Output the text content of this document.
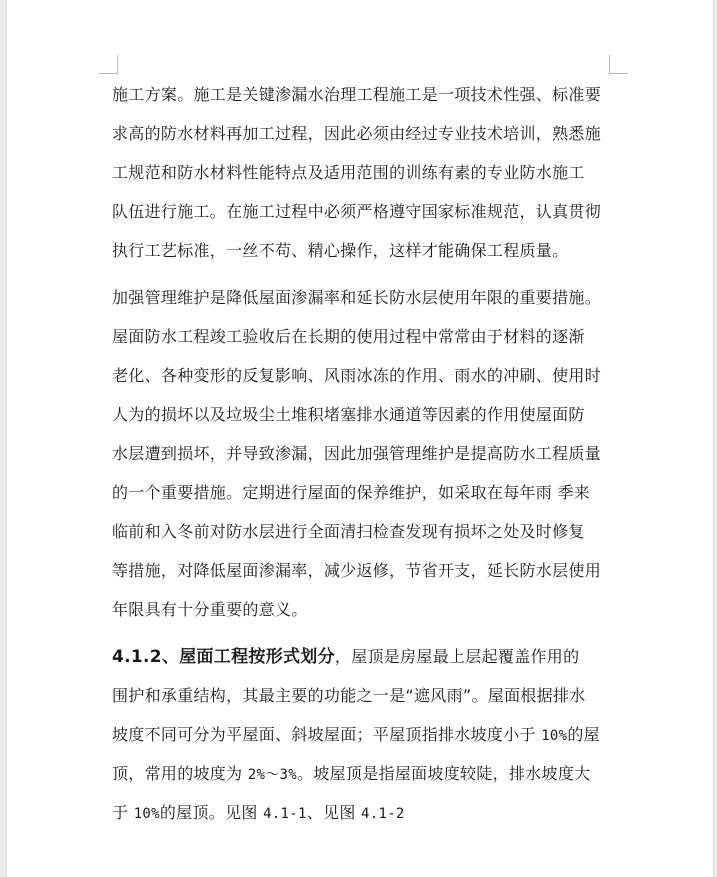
施工方案。施工是关键渗漏水治理工程施工是一项技术性强、标准要
求高的防水材料再加工过程，因此必须由经过专业技术培训，熟悉施
工规范和防水材料性能特点及适用范围的训练有素的专业防水施工
队伍进行施工。在施工过程中必须严格遵守国家标准规范，认真贯彻
执行工艺标准，一丝不苟、精心操作，这样才能确保工程质量。
加强管理维护是降低屋面渗漏率和延长防水层使用年限的重要措施。
屋面防水工程竣工验收后在长期的使用过程中常常由于材料的逐渐
老化、各种变形的反复影响、风雨冰冻的作用、雨水的冲刷、使用时
人为的损坏以及垃圾尘土堆积堵塞排水通道等因素的作用使屋面防
水层遭到损坏，并导致渗漏，因此加强管理维护是提高防水工程质量
的一个重要措施。定期进行屋面的保养维护，如采取在每年雨 季来
临前和入冬前对防水层进行全面清扫检查发现有损坏之处及时修复
等措施，对降低屋面渗漏率，减少返修，节省开支，延长防水层使用
年限具有十分重要的意义。
4.1.2、屋面工程按形式划分，屋顶是房屋最上层起覆盖作用的
围护和承重结构，其最主要的功能之一是“遮风雨”。屋面根据排水
坡度不同可分为平屋面、斜坡屋面；平屋顶指排水坡度小于 10%的屋
顶，常用的坡度为 2%～3%。坡屋顶是指屋面坡度较陡，排水坡度大
于 10%的屋顶。见图 4.1-1、见图 4.1-2
